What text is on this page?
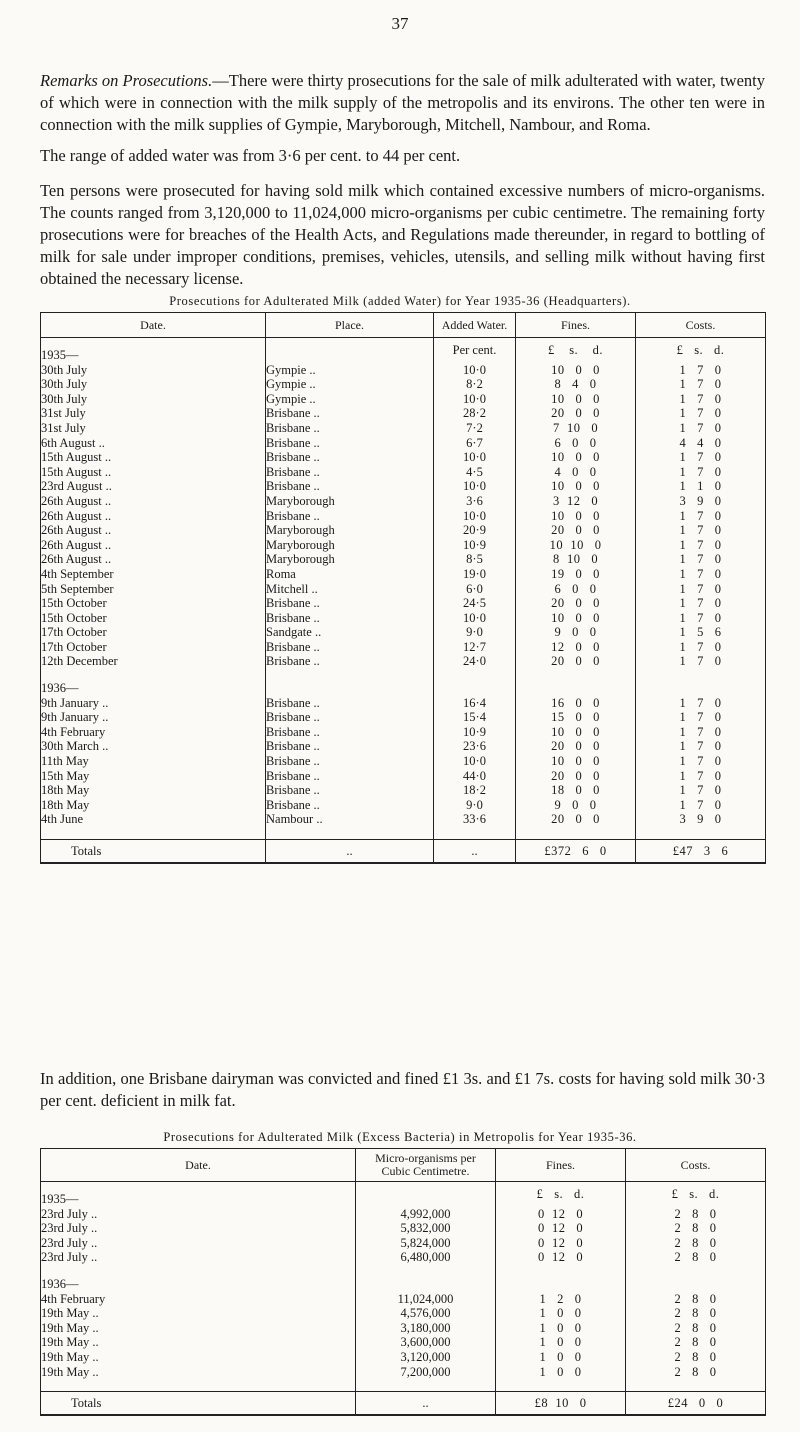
37

Remarks on Prosecutions.—There were thirty prosecutions for the sale of milk adulterated with water, twenty of which were in connection with the milk supply of the metropolis and its environs. The other ten were in connection with the milk supplies of Gympie, Maryborough, Mitchell, Nambour, and Roma.

The range of added water was from 3·6 per cent. to 44 per cent.

Ten persons were prosecuted for having sold milk which contained excessive numbers of micro-organisms. The counts ranged from 3,120,000 to 11,024,000 micro-organisms per cubic centimetre. The remaining forty prosecutions were for breaches of the Health Acts, and Regulations made thereunder, in regard to bottling of milk for sale under improper conditions, premises, vehicles, utensils, and selling milk without having first obtained the necessary license.

Prosecutions for Adulterated Milk (added Water) for Year 1935-36 (Headquarters).

Date.	Place.	Added Water.	Fines.	Costs.
1935—		Per cent.	£    s.    d.	£   s.   d.
30th July	Gympie ..	10·0	10   0   0	1   7   0
30th July	Gympie ..	8·2	8   4   0	1   7   0
30th July	Gympie ..	10·0	10   0   0	1   7   0
31st July	Brisbane ..	28·2	20   0   0	1   7   0
31st July	Brisbane ..	7·2	7  10   0	1   7   0
6th August ..	Brisbane ..	6·7	6   0   0	4   4   0
15th August ..	Brisbane ..	10·0	10   0   0	1   7   0
15th August ..	Brisbane ..	4·5	4   0   0	1   7   0
23rd August ..	Brisbane ..	10·0	10   0   0	1   1   0
26th August ..	Maryborough	3·6	3  12   0	3   9   0
26th August ..	Brisbane ..	10·0	10   0   0	1   7   0
26th August ..	Maryborough	20·9	20   0   0	1   7   0
26th August ..	Maryborough	10·9	10  10   0	1   7   0
26th August ..	Maryborough	8·5	8  10   0	1   7   0
4th September	Roma	19·0	19   0   0	1   7   0
5th September	Mitchell ..	6·0	6   0   0	1   7   0
15th October	Brisbane ..	24·5	20   0   0	1   7   0
15th October	Brisbane ..	10·0	10   0   0	1   7   0
17th October	Sandgate ..	9·0	9   0   0	1   5   6
17th October	Brisbane ..	12·7	12   0   0	1   7   0
12th December	Brisbane ..	24·0	20   0   0	1   7   0

1936—				
9th January ..	Brisbane ..	16·4	16   0   0	1   7   0
9th January ..	Brisbane ..	15·4	15   0   0	1   7   0
4th February	Brisbane ..	10·9	10   0   0	1   7   0
30th March ..	Brisbane ..	23·6	20   0   0	1   7   0
11th May	Brisbane ..	10·0	10   0   0	1   7   0
15th May	Brisbane ..	44·0	20   0   0	1   7   0
18th May	Brisbane ..	18·2	18   0   0	1   7   0
18th May	Brisbane ..	9·0	9   0   0	1   7   0
4th June	Nambour ..	33·6	20   0   0	3   9   0

Totals	..	..	£372   6   0	£47   3   6

In addition, one Brisbane dairyman was convicted and fined £1 3s. and £1 7s. costs for having sold milk 30·3 per cent. deficient in milk fat.

Prosecutions for Adulterated Milk (Excess Bacteria) in Metropolis for Year 1935-36.

Date.	Micro-organisms per Cubic Centimetre.	Fines.	Costs.
1935—		£   s.   d.	£   s.   d.
23rd July ..	4,992,000	0  12   0	2   8   0
23rd July ..	5,832,000	0  12   0	2   8   0
23rd July ..	5,824,000	0  12   0	2   8   0
23rd July ..	6,480,000	0  12   0	2   8   0

1936—			
4th February	11,024,000	1   2   0	2   8   0
19th May ..	4,576,000	1   0   0	2   8   0
19th May ..	3,180,000	1   0   0	2   8   0
19th May ..	3,600,000	1   0   0	2   8   0
19th May ..	3,120,000	1   0   0	2   8   0
19th May ..	7,200,000	1   0   0	2   8   0

Totals	..	£8  10   0	£24   0   0
